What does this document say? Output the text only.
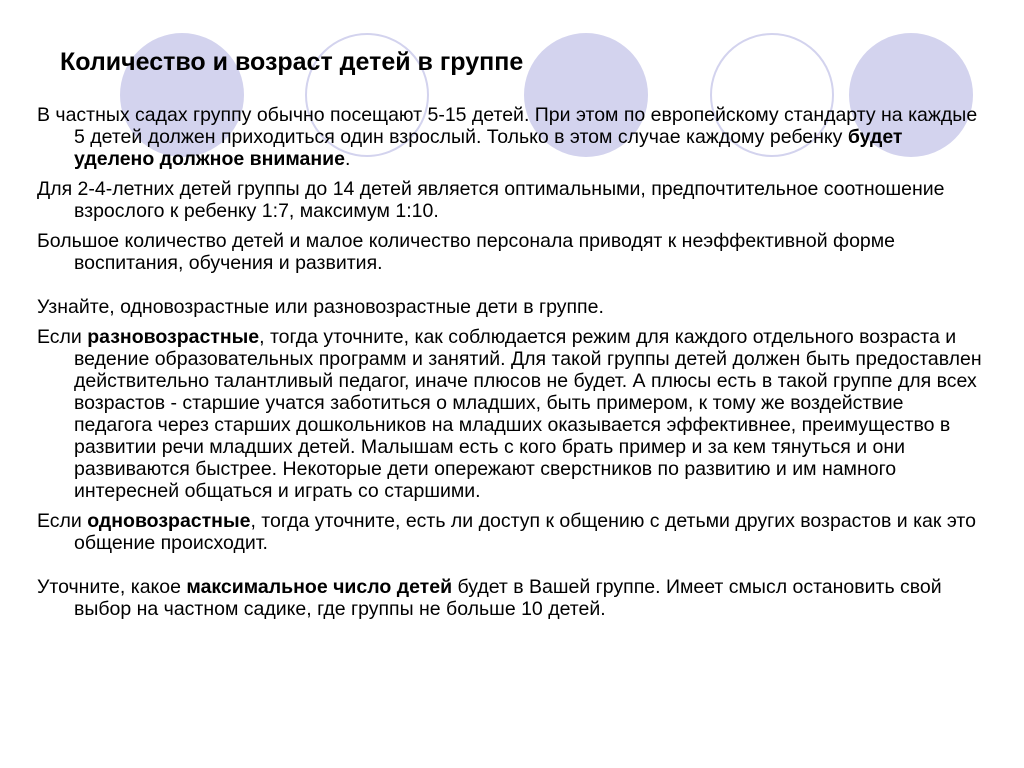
Количество и возраст детей в группе

В частных садах группу обычно посещают 5-15 детей. При этом по европейскому стандарту на каждые 5 детей должен приходиться один взрослый. Только в этом случае каждому ребенку будет уделено должное внимание.

Для 2-4-летних детей группы до 14 детей является оптимальными, предпочтительное соотношение взрослого к ребенку 1:7, максимум 1:10.

Большое количество детей и малое количество персонала приводят к неэффективной форме воспитания, обучения и развития.

Узнайте, одновозрастные или разновозрастные дети в группе.

Если разновозрастные, тогда уточните, как соблюдается режим для каждого отдельного возраста и ведение образовательных программ и занятий. Для такой группы детей должен быть предоставлен действительно талантливый педагог, иначе плюсов не будет. А плюсы есть в такой группе для всех возрастов - старшие учатся заботиться о младших, быть примером, к тому же воздействие педагога через старших дошкольников на младших оказывается эффективнее, преимущество в развитии речи младших детей. Малышам есть с кого брать пример и за кем тянуться и они развиваются быстрее. Некоторые дети опережают сверстников по развитию и им намного интересней общаться и играть со старшими.

Если одновозрастные, тогда уточните, есть ли доступ к общению с детьми других возрастов и как это общение происходит.

Уточните, какое максимальное число детей будет в Вашей группе. Имеет смысл остановить свой выбор на частном садике, где группы не больше 10 детей.
